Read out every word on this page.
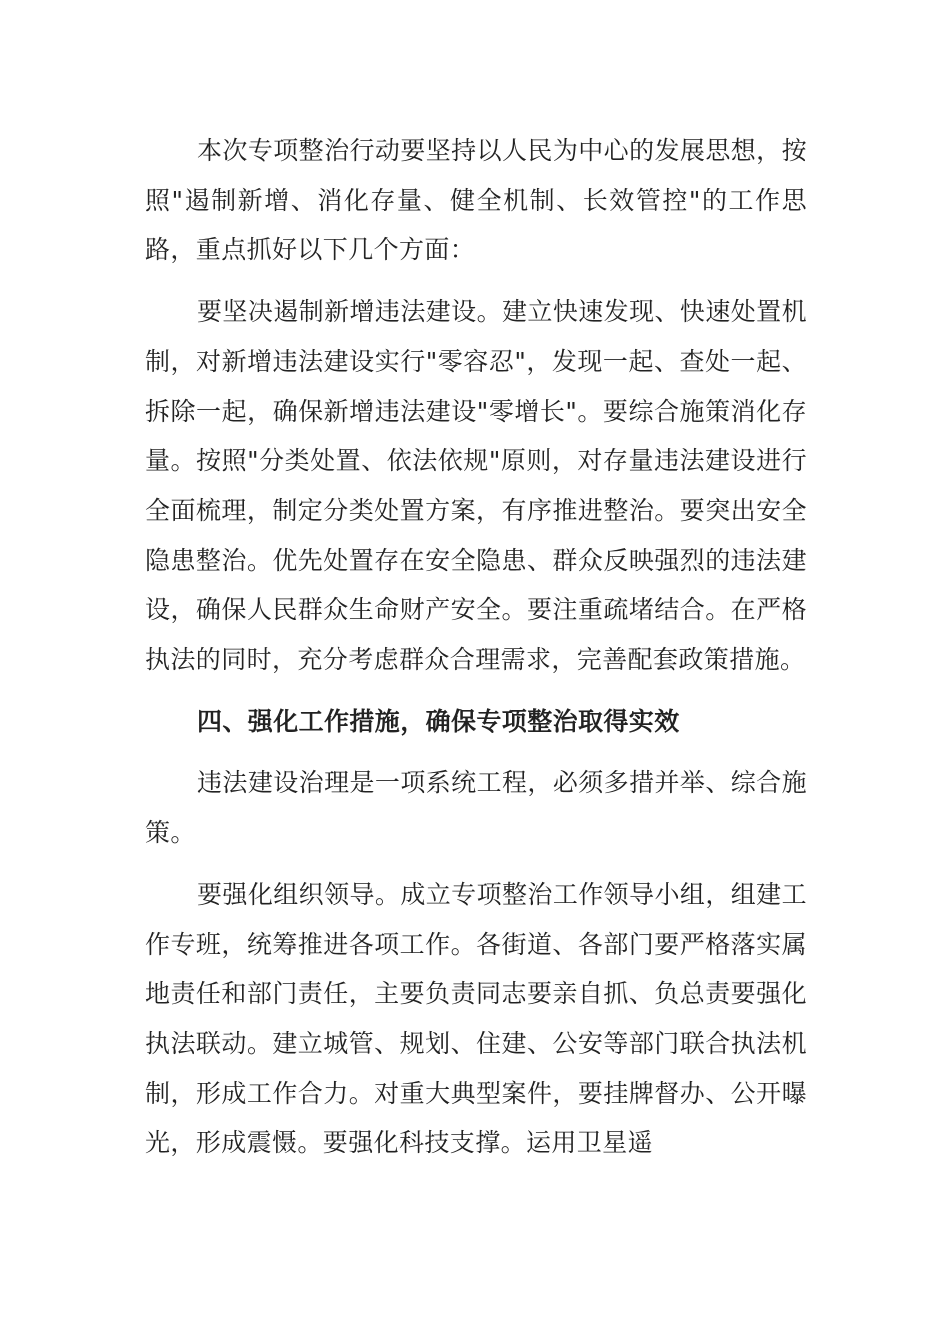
本次专项整治行动要坚持以人民为中心的发展思想，按照"遏制新增、消化存量、健全机制、长效管控"的工作思路，重点抓好以下几个方面：

要坚决遏制新增违法建设。建立快速发现、快速处置机制，对新增违法建设实行"零容忍"，发现一起、查处一起、拆除一起，确保新增违法建设"零增长"。要综合施策消化存量。按照"分类处置、依法依规"原则，对存量违法建设进行全面梳理，制定分类处置方案，有序推进整治。要突出安全隐患整治。优先处置存在安全隐患、群众反映强烈的违法建设，确保人民群众生命财产安全。要注重疏堵结合。在严格执法的同时，充分考虑群众合理需求，完善配套政策措施。

四、强化工作措施，确保专项整治取得实效

违法建设治理是一项系统工程，必须多措并举、综合施策。

要强化组织领导。成立专项整治工作领导小组，组建工作专班，统筹推进各项工作。各街道、各部门要严格落实属地责任和部门责任，主要负责同志要亲自抓、负总责要强化执法联动。建立城管、规划、住建、公安等部门联合执法机制，形成工作合力。对重大典型案件，要挂牌督办、公开曝光，形成震慑。要强化科技支撑。运用卫星遥
